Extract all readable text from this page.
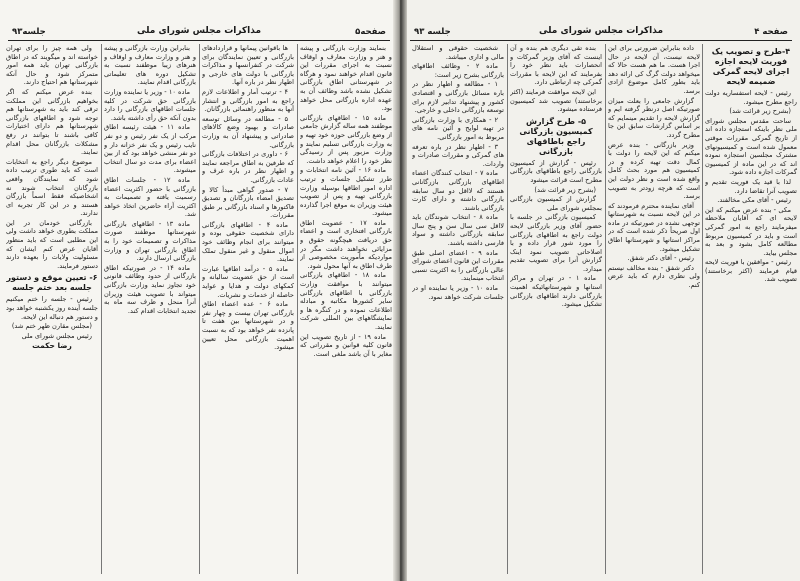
صفحه۵
مذاکرات مجلس شورای ملی
جلسه۹۳

ولی همه چیز را برای تهران خواسته اند و میگویند که در اطاق بازرگانی تهران باید همه امور متمرکز شود و حال آنکه شهرستانها هم احتیاج دارند.

بنده عرض میکنم که اگر بخواهیم بازرگانی این مملکت ترقی کند باید به شهرستانها هم توجه شود و اطاقهای بازرگانی شهرستانها هم دارای اختیارات کافی باشند تا بتوانند در رفع مشکلات بازرگانان محل اقدام نمایند.

موضوع دیگر راجع به انتخابات است که باید طوری ترتیب داده شود که نمایندگان واقعی بازرگانان انتخاب شوند نه اشخاصیکه فقط اسماً بازرگان هستند و در این کار تجربه ای ندارند.

بازرگانی خودمان در این مملکت بطوری خواهد داشت ولی این مطلبی است که باید منظور آقایان عرض کنم ایشان که مسئولیت ولایات را بعهده دارند دستور فرمایند.

۶- تعیین موقع و دستور جلسه بعد ختم جلسه

رئیس - جلسه را ختم میکنیم جلسه آینده روز یکشنبه خواهد بود و دستور هم دنباله این لایحه.

(مجلس مقارن ظهر ختم شد)

رئیس مجلس شورای ملی

رضا حکمت

بنابراین وزارت بازرگانی و پیشه و هنر و وزارت معارف و اوقاف و هنرهای زیبا موظفند نسبت به تشکیل دوره های تعلیماتی بازرگانی اقدام نمایند.

ماده ۱۰ - وزیر یا نماینده وزارت بازرگانی حق شرکت در کلیه جلسات اطاقهای بازرگانی را دارد بدون آنکه حق رأی داشته باشد.

ماده ۱۱ - هیئت رئیسه اطاق مرکب از یک نفر رئیس و دو نفر نایب رئیس و یک نفر خزانه دار و دو نفر منشی خواهد بود که از بین اعضاء برای مدت دو سال انتخاب میشوند.

ماده ۱۲ - جلسات اطاق بازرگانی با حضور اکثریت اعضاء رسمیت یافته و تصمیمات به اکثریت آراء حاضرین اتخاذ خواهد شد.

ماده ۱۳ - اطاقهای بازرگانی شهرستانها موظفند صورت مذاکرات و تصمیمات خود را به اطاق بازرگانی تهران و وزارت بازرگانی ارسال دارند.

ماده ۱۴ - در صورتیکه اطاق بازرگانی از حدود وظائف قانونی خود تجاوز نماید وزارت بازرگانی میتواند با تصویب هیئت وزیران آنرا منحل و ظرف سه ماه به تجدید انتخابات اقدام کند.

ها باقوانین پیمانها و قراردادهای بازرگانی و تعیین نمایندگان برای شرکت در کنفرانسها و مذاکرات بازرگانی با دولت های خارجی و اظهار نظر در باره آنها.

۴ - ترتیب آمار و اطلاعات لازم راجع به امور بازرگانی و انتشار آنها به منظور راهنمائی بازرگانان.

۵ - مطالعه در وسائل توسعه صادرات و بهبود وضع کالاهای صادراتی و پیشنهاد آن به وزارت بازرگانی.

۶ - داوری در اختلافات بازرگانی که طرفین به اطاق مراجعه نمایند و اظهار نظر در باره عرف و عادات بازرگانی.

۷ - صدور گواهی مبدأ کالا و تصدیق امضاء بازرگانان و تصدیق فاکتورها و اسناد بازرگانی بر طبق مقررات.

ماده ۴ - اطاقهای بازرگانی دارای شخصیت حقوقی بوده و میتوانند برای انجام وظائف خود اموال منقول و غیر منقول تملک نمایند.

ماده ۵ - درآمد اطاقها عبارت است از حق عضویت سالیانه و کمکهای دولت و هدایا و عواید حاصله از خدمات و نشریات.

ماده ۶ - عده اعضاء اطاق بازرگانی تهران بیست و چهار نفر و در شهرستانها بین هفت تا پانزده نفر خواهد بود که به نسبت اهمیت بازرگانی محل تعیین میشود.

بنمایند وزارت بازرگانی و پیشه و هنر و وزارت معارف و اوقاف نسبت به اجرای مقررات این قانون اقدام خواهند نمود و هرگاه در شهرستانی اطاق بازرگانی تشکیل نشده باشد وظائف آن به عهده اداره بازرگانی محل خواهد بود.

ماده ۱۵ - اطاقهای بازرگانی موظفند همه ساله گزارش جامعی از وضع بازرگانی حوزه خود تهیه و به وزارت بازرگانی تسلیم نمایند و وزارت مزبور پس از رسیدگی نظر خود را اعلام خواهد داشت.

ماده ۱۶ - آئین نامه انتخابات و طرز تشکیل جلسات و ترتیب اداره امور اطاقها بوسیله وزارت بازرگانی تهیه و پس از تصویب هیئت وزیران به موقع اجرا گذارده میشود.

ماده ۱۷ - عضویت اطاق بازرگانی افتخاری است و اعضاء حق دریافت هیچگونه حقوق و مزایائی نخواهند داشت مگر در مواردیکه مأموریت مخصوصی از طرف اطاق به آنها محول شود.

ماده ۱۸ - اطاقهای بازرگانی میتوانند با موافقت وزارت بازرگانی با اطاقهای بازرگانی سایر کشورها مکاتبه و مبادله اطلاعات نموده و در کنگره ها و نمایشگاههای بین المللی شرکت نمایند.

ماده ۱۹ - از تاریخ تصویب این قانون کلیه قوانین و مقرراتی که مغایر با آن باشد ملغی است.

صفحه ۴
مذاکرات مجلس شورای ملی
جلسه ۹۳

شخصیت حقوقی و استقلال مالی و اداری میباشد.

ماده ۲ - وظائف اطاقهای بازرگانی بشرح زیر است:

۱ - مطالعه و اظهار نظر در باره مسائل بازرگانی و اقتصادی کشور و پیشنهاد تدابیر لازم برای توسعه بازرگانی داخلی و خارجی.

۲ - همکاری با وزارت بازرگانی در تهیه لوایح و آئین نامه های مربوط به امور بازرگانی.

۳ - اظهار نظر در باره تعرفه های گمرکی و مقررات صادرات و واردات.

ماده ۷ - انتخاب کنندگان اعضاء اطاقهای بازرگانی بازرگانانی هستند که لااقل دو سال سابقه بازرگانی داشته و دارای کارت بازرگانی باشند.

ماده ۸ - انتخاب شوندگان باید لااقل سی سال سن و پنج سال سابقه بازرگانی داشته و سواد فارسی داشته باشند.

ماده ۹ - اعضای اصلی طبق مقررات این قانون اعضای شورای عالی بازرگانی را به اکثریت نسبی انتخاب مینمایند.

ماده ۱۰ - وزیر یا نماینده او در جلسات شرکت خواهد نمود.

بنده تقی دیگری هم بنده و آن اینست که آقای وزیر گمرکات و انحصارات باید نظر خود را بفرمایند که این لایحه با مقررات گمرکی چه ارتباطی دارد.

این لایحه موافقت فرمایند (اکثر برخاستند) تصویب شد کمیسیون فرستاده میشود.

۵- طرح گزارش کمیسیون بازرگانی راجع باطاقهای بازرگانی

رئیس - گزارش از کمیسیون بازرگانی راجع باطاقهای بازرگانی مطرح است قرائت میشود

(بشرح زیر قرائت شد)

گزارش از کمیسیون بازرگانی بمجلس شورای ملی

کمیسیون بازرگانی در جلسه با حضور آقای وزیر بازرگانی لایحه دولت راجع به اطاقهای بازرگانی را مورد شور قرار داده و با اصلاحاتی تصویب نمود اینک گزارش آنرا برای تصویب تقدیم میدارد.

ماده ۱ - در تهران و مراکز استانها و شهرستانهائیکه اهمیت بازرگانی دارند اطاقهای بازرگانی تشکیل میشود.

داده بنابراین ضرورتی برای این لایحه نیست، آن لایحه در حال اجرا هست. ما هم هست حالا که میخواهد دولت گرگ کی ارائه دهد باید بطور کامل موضوع ازادی برسد.

گزارش جامعی را بعلت میزان صورتیکه اصل درنظر گرفته ایم و گزارش لایحه را تقدیم مینمایم که بر اساس گزارشات سابق این جا مطرح گردد.

وزیر بازرگانی - بنده عرض میکنم که این لایحه را دولت با کمال دقت تهیه کرده و در کمیسیون هم مورد بحث کامل واقع شده است و نظر دولت این است که هرچه زودتر به تصویب برسد.

آقای نماینده محترم فرمودند که در این لایحه نسبت به شهرستانها توجهی نشده در صورتیکه در ماده اول صریحاً ذکر شده است که در مراکز استانها و شهرستانها اطاق تشکیل میشود.

رئیس - آقای دکتر شفق.

دکتر شفق - بنده مخالف نیستم ولی نظری دارم که باید عرض کنم.

۴-طرح و تصویب یک فوریت لایحه اجازه اجرای لایحه گمرکی ضمیمه لایحه

رئیس - لایحه استفساریه دولت راجع مطرح میشود.

(بشرح زیر قرائت شد)

ساحت مقدس مجلس شورای ملی نظر باینکه استجازه داده اند از تاریخ گمرکی مقررات موقتی معمول شده است و کمیسیونهای مشترک مجلسین استجازه نموده اند که در این ماده از کمیسیون گمرکات اجازه داده شود.

لذا با قید یک فوریت تقدیم و تصویب آنرا تقاضا دارد.

رئیس - آقای مکی مخالفند.

مکی - بنده عرض میکنم که این لایحه ای که آقایان ملاحظه میفرمایند راجع به امور گمرکی است و باید در کمیسیون مربوط مطالعه کامل بشود و بعد به مجلس بیاید.

رئیس - موافقین با فوریت لایحه قیام فرمایند (اکثر برخاستند) تصویب شد.
